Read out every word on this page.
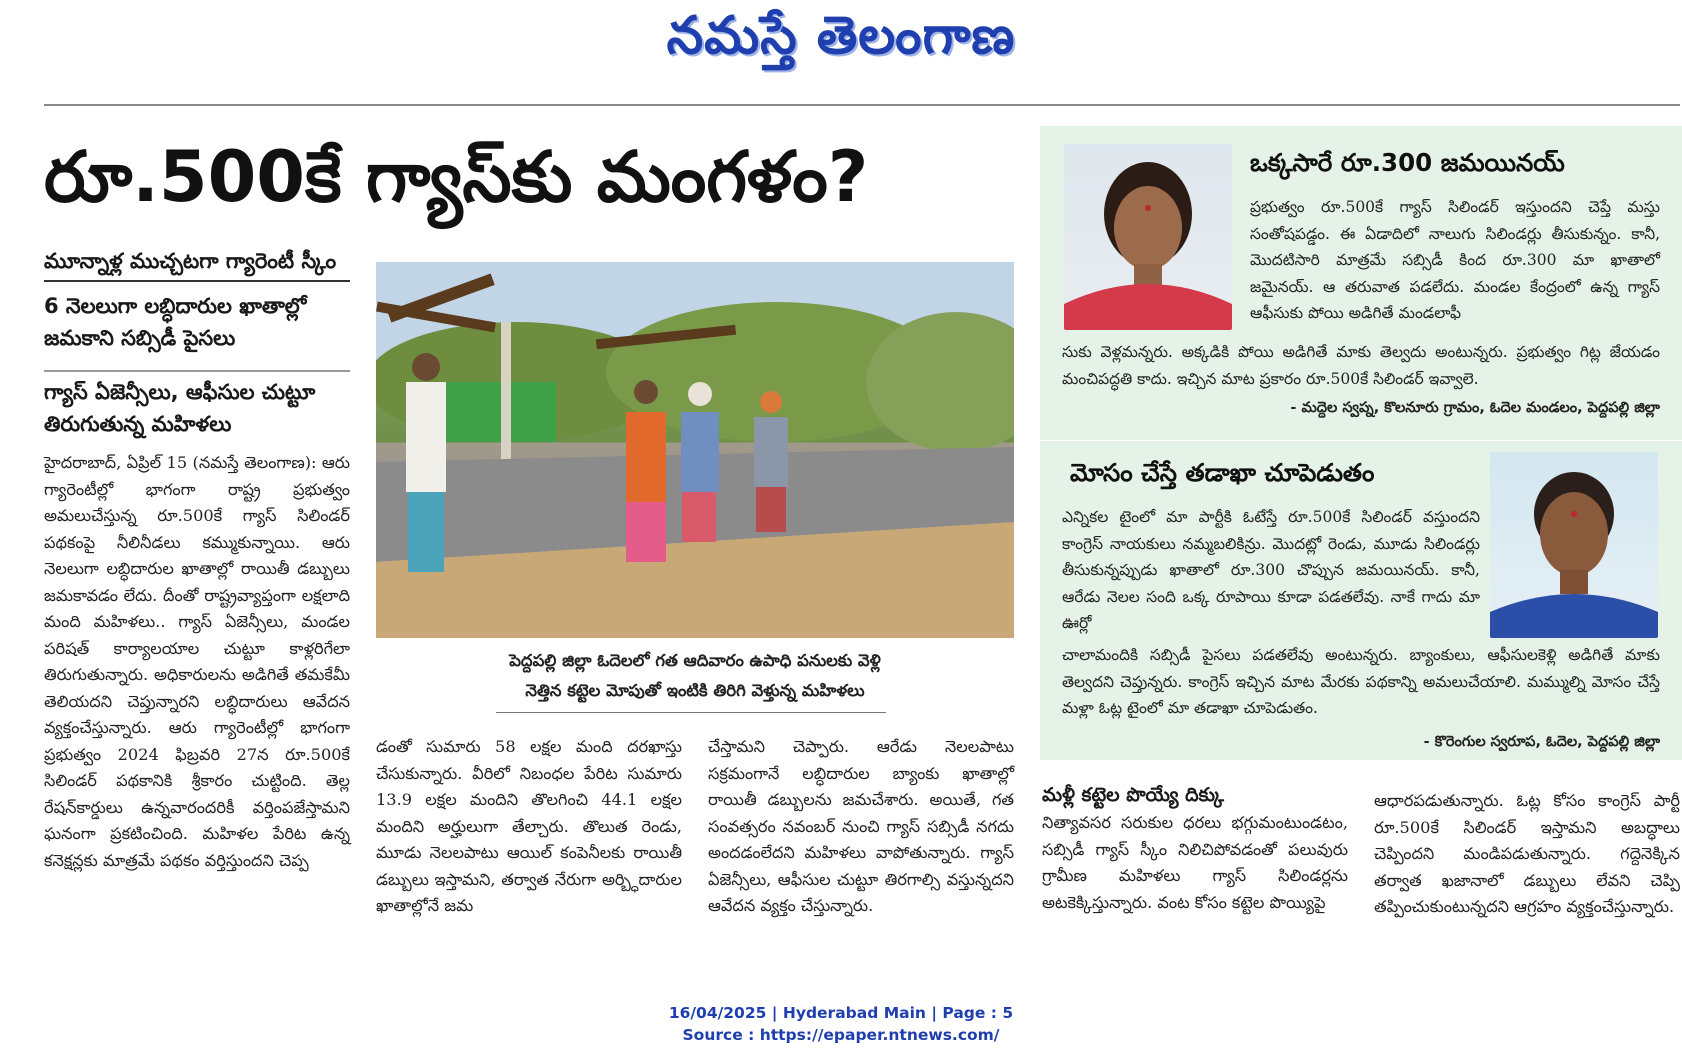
నమస్తే తెలంగాణ
రూ.500కే గ్యాస్‌కు మంగళం?
మూన్నాళ్ల ముచ్చటగా గ్యారెంటీ స్కీం
6 నెలలుగా లబ్ధిదారుల ఖాతాల్లో జమకాని సబ్సిడీ పైసలు
గ్యాస్ ఏజెన్సీలు, ఆఫీసుల చుట్టూ తిరుగుతున్న మహిళలు
హైదరాబాద్, ఏప్రిల్ 15 (నమస్తే తెలంగాణ): ఆరు గ్యారెంటీల్లో భాగంగా రాష్ట్ర ప్రభుత్వం అమలుచేస్తున్న రూ.500కే గ్యాస్ సిలిండర్ పథకంపై నీలినీడలు కమ్ముకున్నాయి. ఆరు నెలలుగా లబ్ధిదారుల ఖాతాల్లో రాయితీ డబ్బులు జమకావడం లేదు. దీంతో రాష్ట్రవ్యాప్తంగా లక్షలాది మంది మహిళలు.. గ్యాస్ ఏజెన్సీలు, మండల పరిషత్ కార్యాలయాల చుట్టూ కాళ్లరిగేలా తిరుగుతున్నారు. అధికారులను అడిగితే తమకేమీ తెలియదని చెప్తున్నారని లబ్ధిదారులు ఆవేదన వ్యక్తంచేస్తున్నారు. ఆరు గ్యారెంటీల్లో భాగంగా ప్రభుత్వం 2024 ఫిబ్రవరి 27న రూ.500కే సిలిండర్ పథకానికి శ్రీకారం చుట్టింది. తెల్ల రేషన్‌కార్డులు ఉన్నవారందరికీ వర్తింపజేస్తామని ఘనంగా ప్రకటించింది. మహిళల పేరిట ఉన్న కనెక్షన్లకు మాత్రమే పథకం వర్తిస్తుందని చెప్ప
పెద్దపల్లి జిల్లా ఓదెలలో గత ఆదివారం ఉపాధి పనులకు వెళ్లి
నెత్తిన కట్టెల మోపుతో ఇంటికి తిరిగి వెళ్తున్న మహిళలు
డంతో సుమారు 58 లక్షల మంది దరఖాస్తు చేసుకున్నారు. వీరిలో నిబంధల పేరిట సుమారు 13.9 లక్షల మందిని తొలగించి 44.1 లక్షల మందిని అర్హులుగా తేల్చారు. తొలుత రెండు, మూడు నెలలపాటు ఆయిల్ కంపెనీలకు రాయితీ డబ్బులు ఇస్తామని, తర్వాత నేరుగా అర్బ్ధిదారుల ఖాతాల్లోనే జమ
చేస్తామని చెప్పారు. ఆరేడు నెలలపాటు సక్రమంగానే లబ్ధిదారుల బ్యాంకు ఖాతాల్లో రాయితీ డబ్బులను జమచేశారు. అయితే, గత సంవత్సరం నవంబర్ నుంచి గ్యాస్ సబ్సిడీ నగదు అందడంలేదని మహిళలు వాపోతున్నారు. గ్యాస్ ఏజెన్సీలు, ఆఫీసుల చుట్టూ తిరగాల్సి వస్తున్నదని ఆవేదన వ్యక్తం చేస్తున్నారు.
ఒక్కసారే రూ.300 జమయినయ్
ప్రభుత్వం రూ.500కే గ్యాస్ సిలిండర్ ఇస్తుందని చెప్తే మస్తు సంతోషపడ్డం. ఈ ఏడాదిలో నాలుగు సిలిండర్లు తీసుకున్నం. కానీ, మొదటిసారి మాత్రమే సబ్సిడీ కింద రూ.300 మా ఖాతాలో జమైనయ్. ఆ తరువాత పడలేదు. మండల కేంద్రంలో ఉన్న గ్యాస్ ఆఫీసుకు పోయి అడిగితే మండలాఫీ
సుకు వెళ్లమన్నరు. అక్కడికి పోయి అడిగితే మాకు తెల్వదు అంటున్నరు. ప్రభుత్వం గిట్ల జేయడం మంచిపద్ధతి కాదు. ఇచ్చిన మాట ప్రకారం రూ.500కే సిలిండర్ ఇవ్వాలె.
- మద్దెల స్వప్న, కొలనూరు గ్రామం, ఓదెల మండలం, పెద్దపల్లి జిల్లా
మోసం చేస్తే తడాఖా చూపెడుతం
ఎన్నికల టైంలో మా పార్టీకి ఓటేస్తే రూ.500కే సిలిండర్ వస్తుందని కాంగ్రెస్ నాయకులు నమ్మబలికిన్రు. మొదట్లో రెండు, మూడు సిలిండర్లు తీసుకున్నప్పుడు ఖాతాలో రూ.300 చొప్పున జమయినయ్. కానీ, ఆరేడు నెలల సంది ఒక్క రూపాయి కూడా పడతలేవు. నాకే గాదు మా ఊర్లో
చాలామందికి సబ్సిడీ పైసలు పడతలేవు అంటున్నరు. బ్యాంకులు, ఆఫీసులకెళ్లి అడిగితే మాకు తెల్వదని చెప్తున్నరు. కాంగ్రెస్ ఇచ్చిన మాట మేరకు పథకాన్ని అమలుచేయాలి. మమ్ముల్ని మోసం చేస్తే మళ్లా ఓట్ల టైంలో మా తడాఖా చూపెడుతం.
- కొరెంగుల స్వరూప, ఓదెల, పెద్దపల్లి జిల్లా
మళ్లీ కట్టెల పొయ్యే దిక్కు
నిత్యావసర సరుకుల ధరలు భగ్గుమంటుండటం, సబ్సిడీ గ్యాస్ స్కీం నిలిచిపోవడంతో పలువురు గ్రామీణ మహిళలు గ్యాస్ సిలిండర్లను అటకెక్కిస్తున్నారు. వంట కోసం కట్టెల పొయ్యిపై
ఆధారపడుతున్నారు. ఓట్ల కోసం కాంగ్రెస్ పార్టీ రూ.500కే సిలిండర్ ఇస్తామని అబద్ధాలు చెప్పిందని మండిపడుతున్నారు. గద్దెనెక్కిన తర్వాత ఖజానాలో డబ్బులు లేవని చెప్పి తప్పించుకుంటున్నదని ఆగ్రహం వ్యక్తంచేస్తున్నారు.
16/04/2025 | Hyderabad Main | Page : 5
Source : https://epaper.ntnews.com/
